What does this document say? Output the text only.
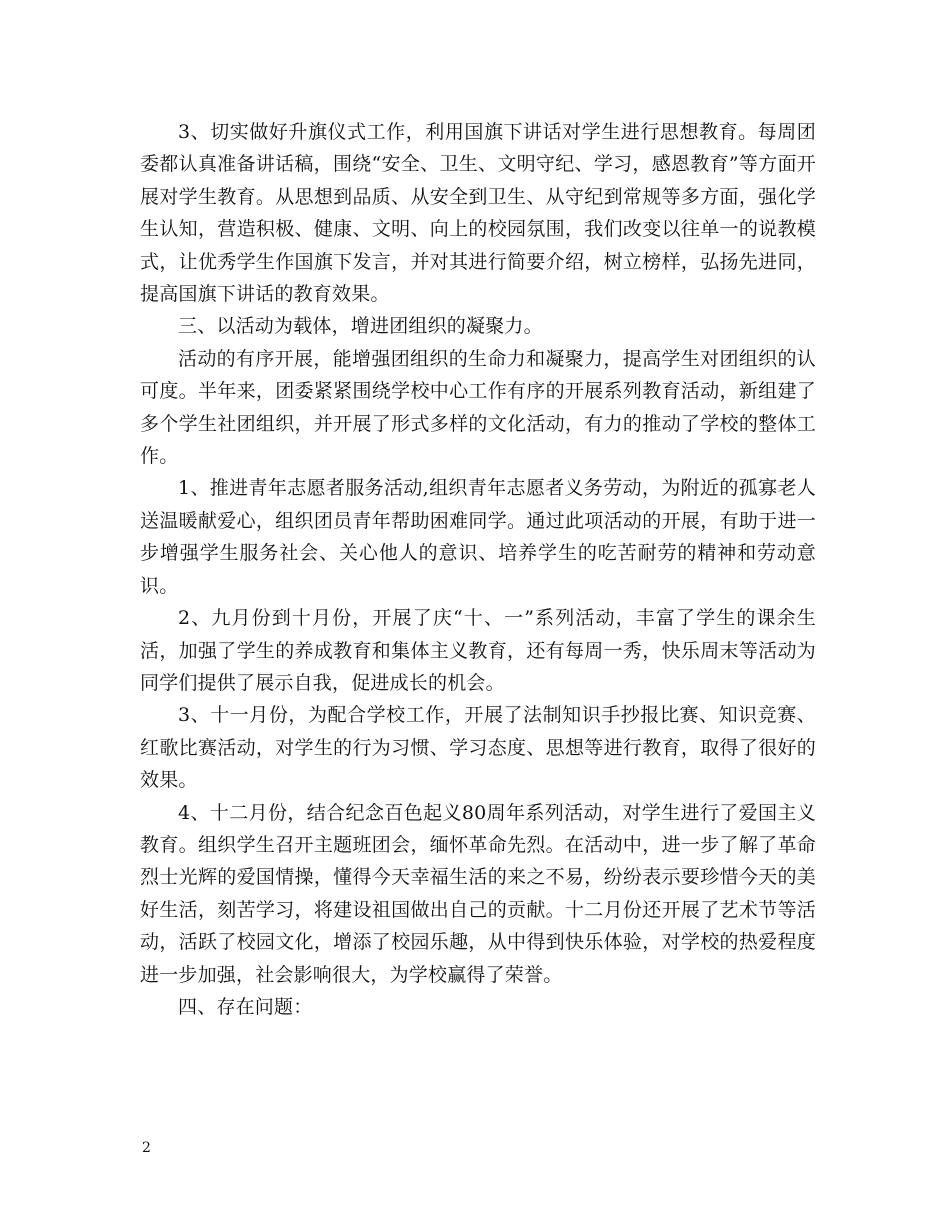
3、切实做好升旗仪式工作，利用国旗下讲话对学生进行思想教育。每周团委都认真准备讲话稿，围绕“安全、卫生、文明守纪、学习，感恩教育”等方面开展对学生教育。从思想到品质、从安全到卫生、从守纪到常规等多方面，强化学生认知，营造积极、健康、文明、向上的校园氛围，我们改变以往单一的说教模式，让优秀学生作国旗下发言，并对其进行简要介绍，树立榜样，弘扬先进同，提高国旗下讲话的教育效果。

三、以活动为载体，增进团组织的凝聚力。

活动的有序开展，能增强团组织的生命力和凝聚力，提高学生对团组织的认可度。半年来，团委紧紧围绕学校中心工作有序的开展系列教育活动，新组建了多个学生社团组织，并开展了形式多样的文化活动，有力的推动了学校的整体工作。

1、推进青年志愿者服务活动,组织青年志愿者义务劳动，为附近的孤寡老人送温暖献爱心，组织团员青年帮助困难同学。通过此项活动的开展，有助于进一步增强学生服务社会、关心他人的意识、培养学生的吃苦耐劳的精神和劳动意识。

2、九月份到十月份，开展了庆“十、一”系列活动，丰富了学生的课余生活，加强了学生的养成教育和集体主义教育，还有每周一秀，快乐周末等活动为同学们提供了展示自我，促进成长的机会。

3、十一月份，为配合学校工作，开展了法制知识手抄报比赛、知识竞赛、红歌比赛活动，对学生的行为习惯、学习态度、思想等进行教育，取得了很好的效果。

4、十二月份，结合纪念百色起义80周年系列活动，对学生进行了爱国主义教育。组织学生召开主题班团会，缅怀革命先烈。在活动中，进一步了解了革命烈士光辉的爱国情操，懂得今天幸福生活的来之不易，纷纷表示要珍惜今天的美好生活，刻苦学习，将建设祖国做出自己的贡献。十二月份还开展了艺术节等活动，活跃了校园文化，增添了校园乐趣，从中得到快乐体验，对学校的热爱程度进一步加强，社会影响很大，为学校赢得了荣誉。

四、存在问题：

2
